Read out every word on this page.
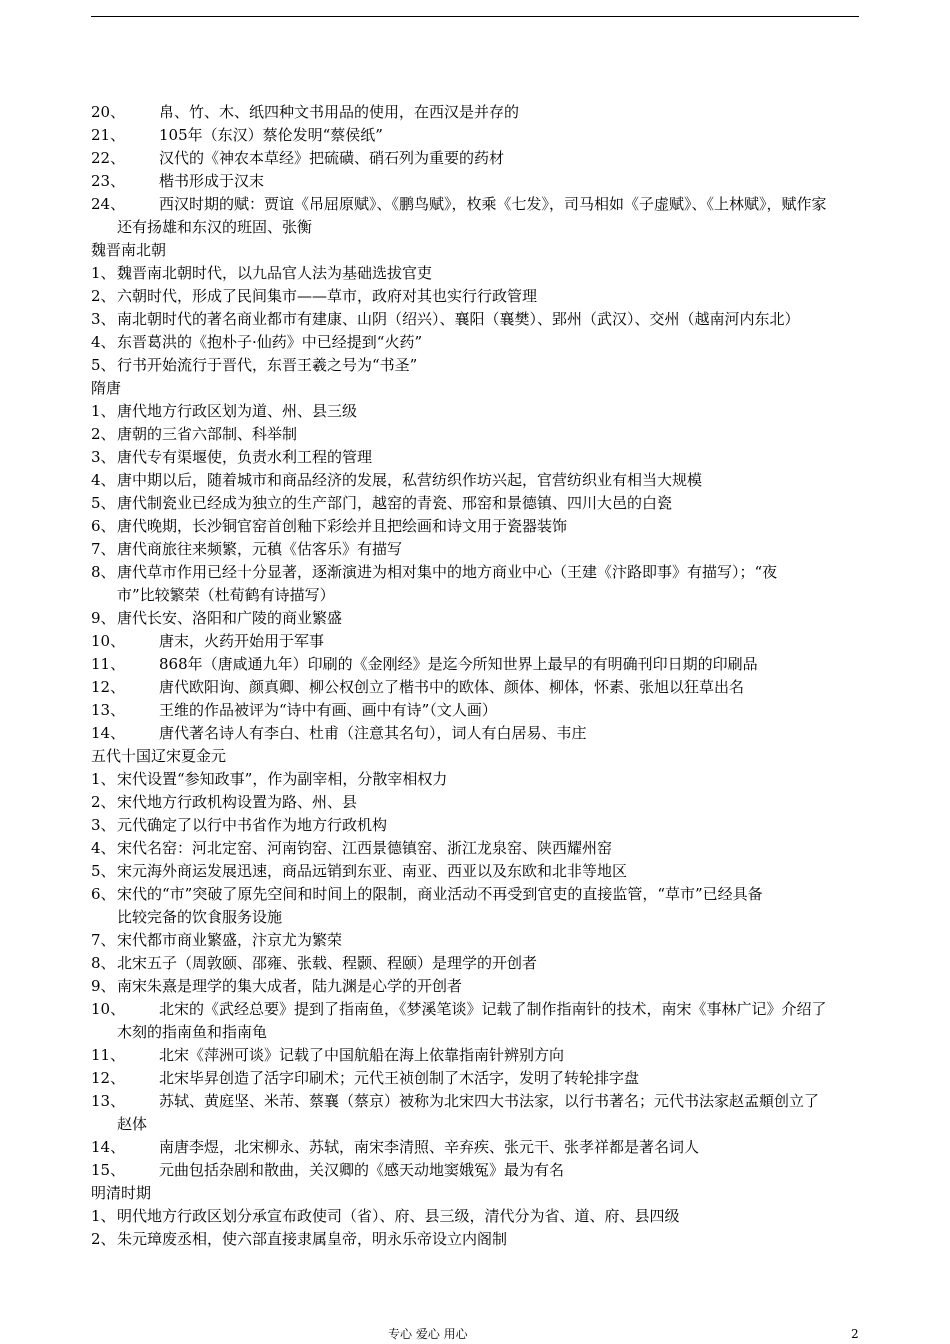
20、	帛、竹、木、纸四种文书用品的使用，在西汉是并存的
21、	105年（东汉）蔡伦发明“蔡侯纸”
22、	汉代的《神农本草经》把硫磺、硝石列为重要的药材
23、	楷书形成于汉末
24、	西汉时期的赋：贾谊《吊屈原赋》、《鹏鸟赋》，枚乘《七发》，司马相如《子虚赋》、《上林赋》，赋作家
还有扬雄和东汉的班固、张衡
魏晋南北朝
1、 魏晋南北朝时代，以九品官人法为基础选拔官吏
2、 六朝时代，形成了民间集市——草市，政府对其也实行行政管理
3、 南北朝时代的著名商业都市有建康、山阴（绍兴）、襄阳（襄樊）、郢州（武汉）、交州（越南河内东北）
4、 东晋葛洪的《抱朴子·仙药》中已经提到“火药”
5、 行书开始流行于晋代，东晋王羲之号为“书圣”
隋唐
1、 唐代地方行政区划为道、州、县三级
2、 唐朝的三省六部制、科举制
3、 唐代专有渠堰使，负责水利工程的管理
4、 唐中期以后，随着城市和商品经济的发展，私营纺织作坊兴起，官营纺织业有相当大规模
5、 唐代制瓷业已经成为独立的生产部门，越窑的青瓷、邢窑和景德镇、四川大邑的白瓷
6、 唐代晚期，长沙铜官窑首创釉下彩绘并且把绘画和诗文用于瓷器装饰
7、 唐代商旅往来频繁，元稹《估客乐》有描写
8、 唐代草市作用已经十分显著，逐渐演进为相对集中的地方商业中心（王建《汴路即事》有描写）；“夜
市”比较繁荣（杜荀鹤有诗描写）
9、 唐代长安、洛阳和广陵的商业繁盛
10、	唐末，火药开始用于军事
11、	868年（唐咸通九年）印刷的《金刚经》是迄今所知世界上最早的有明确刊印日期的印刷品
12、	唐代欧阳询、颜真卿、柳公权创立了楷书中的欧体、颜体、柳体，怀素、张旭以狂草出名
13、	王维的作品被评为“诗中有画、画中有诗”（文人画）
14、	唐代著名诗人有李白、杜甫（注意其名句），词人有白居易、韦庄
五代十国辽宋夏金元
1、 宋代设置“参知政事”，作为副宰相，分散宰相权力
2、 宋代地方行政机构设置为路、州、县
3、 元代确定了以行中书省作为地方行政机构
4、 宋代名窑：河北定窑、河南钧窑、江西景德镇窑、浙江龙泉窑、陕西耀州窑
5、 宋元海外商运发展迅速，商品远销到东亚、南亚、西亚以及东欧和北非等地区
6、 宋代的“市”突破了原先空间和时间上的限制，商业活动不再受到官吏的直接监管，“草市”已经具备
比较完备的饮食服务设施
7、 宋代都市商业繁盛，汴京尤为繁荣
8、 北宋五子（周敦颐、邵雍、张载、程颢、程颐）是理学的开创者
9、 南宋朱熹是理学的集大成者，陆九渊是心学的开创者
10、	北宋的《武经总要》提到了指南鱼，《梦溪笔谈》记载了制作指南针的技术，南宋《事林广记》介绍了
木刻的指南鱼和指南龟
11、	北宋《萍洲可谈》记载了中国航船在海上依靠指南针辨别方向
12、	北宋毕昇创造了活字印刷术；元代王祯创制了木活字，发明了转轮排字盘
13、	苏轼、黄庭坚、米芾、蔡襄（蔡京）被称为北宋四大书法家，以行书著名；元代书法家赵孟頫创立了
赵体
14、	南唐李煜，北宋柳永、苏轼，南宋李清照、辛弃疾、张元干、张孝祥都是著名词人
15、	元曲包括杂剧和散曲，关汉卿的《感天动地窦娥冤》最为有名
明清时期
1、 明代地方行政区划分承宣布政使司（省）、府、县三级，清代分为省、道、府、县四级
2、 朱元璋废丞相，使六部直接隶属皇帝，明永乐帝设立内阁制
专心 爱心 用心	2
